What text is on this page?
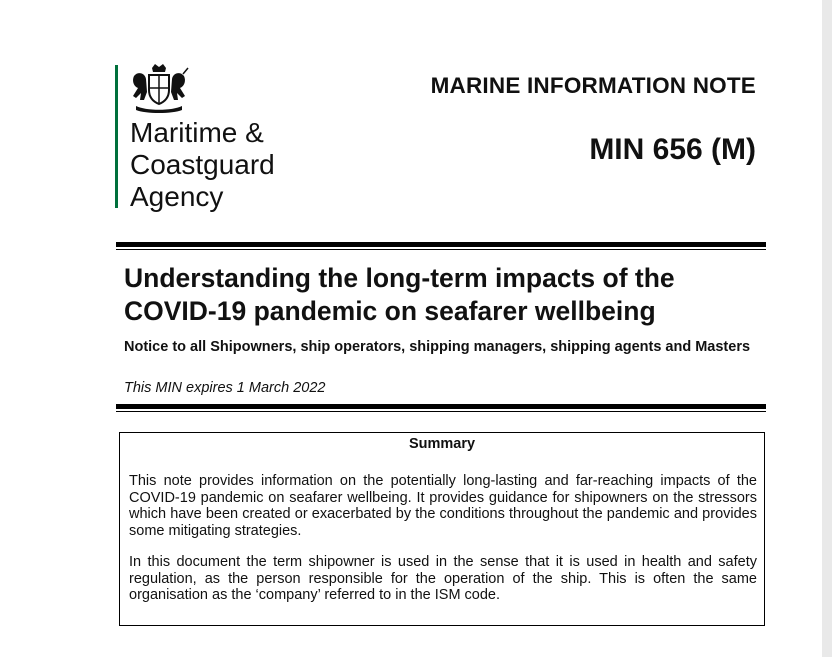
Maritime &
Coastguard
Agency
MARINE INFORMATION NOTE
MIN 656 (M)
Understanding the long-term impacts of the COVID-19 pandemic on seafarer wellbeing
Notice to all Shipowners, ship operators, shipping managers, shipping agents and Masters
This MIN expires 1 March 2022
Summary

This note provides information on the potentially long-lasting and far-reaching impacts of the COVID-19 pandemic on seafarer wellbeing. It provides guidance for shipowners on the stressors which have been created or exacerbated by the conditions throughout the pandemic and provides some mitigating strategies.

In this document the term shipowner is used in the sense that it is used in health and safety regulation, as the person responsible for the operation of the ship. This is often the same organisation as the ‘company’ referred to in the ISM code.
